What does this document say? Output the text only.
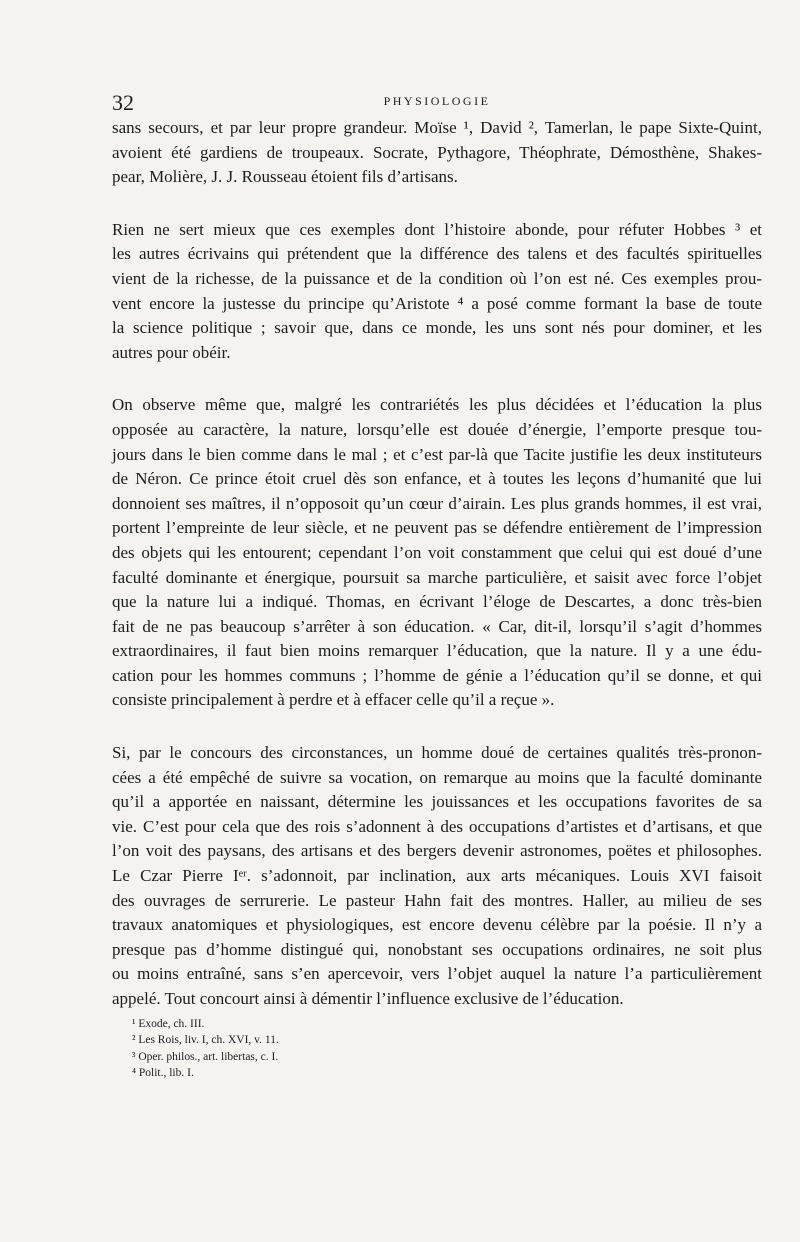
32	PHYSIOLOGIE
sans secours, et par leur propre grandeur. Moïse ¹, David ², Tamerlan, le pape Sixte-Quint,
avoient été gardiens de troupeaux. Socrate, Pythagore, Théophrate, Démosthène, Shakes-
pear, Molière, J. J. Rousseau étoient fils d’artisans.
Rien ne sert mieux que ces exemples dont l’histoire abonde, pour réfuter Hobbes ³ et
les autres écrivains qui prétendent que la différence des talens et des facultés spirituelles
vient de la richesse, de la puissance et de la condition où l’on est né. Ces exemples prou-
vent encore la justesse du principe qu’Aristote ⁴ a posé comme formant la base de toute
la science politique ; savoir que, dans ce monde, les uns sont nés pour dominer, et les
autres pour obéir.
On observe même que, malgré les contrariétés les plus décidées et l’éducation la plus
opposée au caractère, la nature, lorsqu’elle est douée d’énergie, l’emporte presque tou-
jours dans le bien comme dans le mal ; et c’est par-là que Tacite justifie les deux instituteurs
de Néron. Ce prince étoit cruel dès son enfance, et à toutes les leçons d’humanité que lui
donnoient ses maîtres, il n’opposoit qu’un cœur d’airain. Les plus grands hommes, il est vrai,
portent l’empreinte de leur siècle, et ne peuvent pas se défendre entièrement de l’impression
des objets qui les entourent; cependant l’on voit constamment que celui qui est doué d’une
faculté dominante et énergique, poursuit sa marche particulière, et saisit avec force l’objet
que la nature lui a indiqué. Thomas, en écrivant l’éloge de Descartes, a donc très-bien
fait de ne pas beaucoup s’arrêter à son éducation. « Car, dit-il, lorsqu’il s’agit d’hommes
extraordinaires, il faut bien moins remarquer l’éducation, que la nature. Il y a une édu-
cation pour les hommes communs ; l’homme de génie a l’éducation qu’il se donne, et qui
consiste principalement à perdre et à effacer celle qu’il a reçue ».
Si, par le concours des circonstances, un homme doué de certaines qualités très-pronon-
cées a été empêché de suivre sa vocation, on remarque au moins que la faculté dominante
qu’il a apportée en naissant, détermine les jouissances et les occupations favorites de sa
vie. C’est pour cela que des rois s’adonnent à des occupations d’artistes et d’artisans, et que
l’on voit des paysans, des artisans et des bergers devenir astronomes, poëtes et philosophes.
Le Czar Pierre Iᵉʳ. s’adonnoit, par inclination, aux arts mécaniques. Louis XVI faisoit
des ouvrages de serrurerie. Le pasteur Hahn fait des montres. Haller, au milieu de ses
travaux anatomiques et physiologiques, est encore devenu célèbre par la poésie. Il n’y a
presque pas d’homme distingué qui, nonobstant ses occupations ordinaires, ne soit plus
ou moins entraîné, sans s’en apercevoir, vers l’objet auquel la nature l’a particulièrement
appelé. Tout concourt ainsi à démentir l’influence exclusive de l’éducation.
¹ Exode, ch. III.
² Les Rois, liv. I, ch. XVI, v. 11.
³ Oper. philos., art. libertas, c. I.
⁴ Polit., lib. I.
